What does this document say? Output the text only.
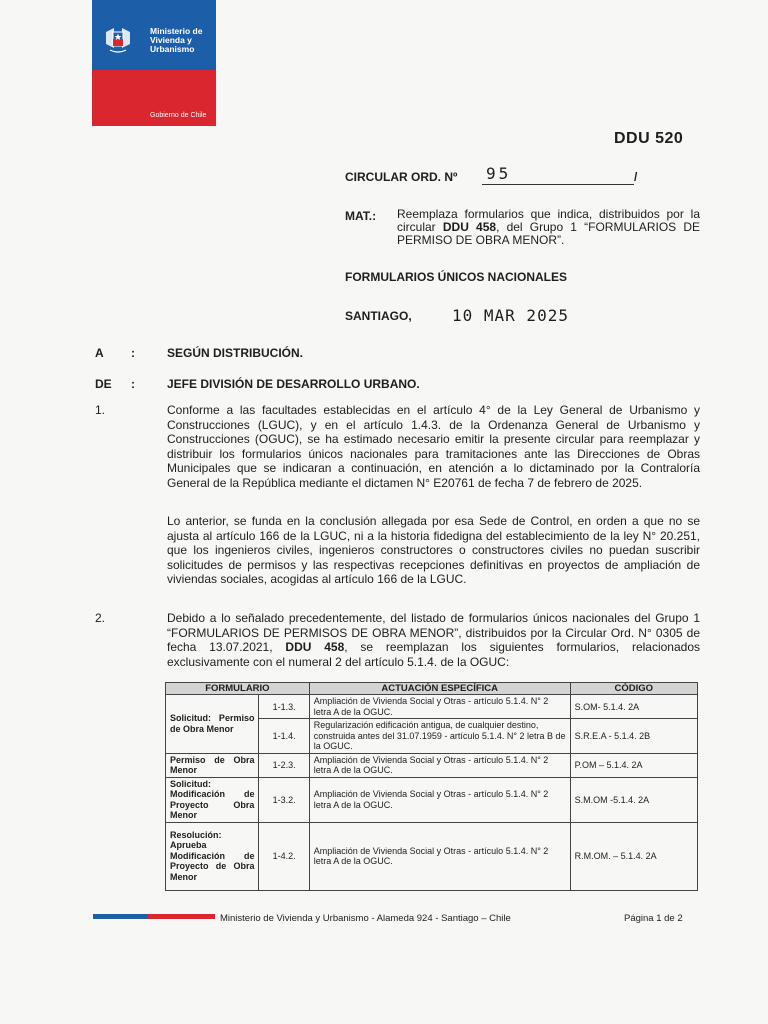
Ministerio de
Vivienda y
Urbanismo
Gobierno de Chile
DDU 520
CIRCULAR ORD. Nº 95	/
MAT.: Reemplaza formularios que indica, distribuidos por la circular DDU 458, del Grupo 1 “FORMULARIOS DE PERMISO DE OBRA MENOR”.
FORMULARIOS ÚNICOS NACIONALES
SANTIAGO,	10 MAR 2025
A :	SEGÚN DISTRIBUCIÓN.
DE :	JEFE DIVISIÓN DE DESARROLLO URBANO.
1.	Conforme a las facultades establecidas en el artículo 4° de la Ley General de Urbanismo y Construcciones (LGUC), y en el artículo 1.4.3. de la Ordenanza General de Urbanismo y Construcciones (OGUC), se ha estimado necesario emitir la presente circular para reemplazar y distribuir los formularios únicos nacionales para tramitaciones ante las Direcciones de Obras Municipales que se indicaran a continuación, en atención a lo dictaminado por la Contraloría General de la República mediante el dictamen N° E20761 de fecha 7 de febrero de 2025.
Lo anterior, se funda en la conclusión allegada por esa Sede de Control, en orden a que no se ajusta al artículo 166 de la LGUC, ni a la historia fidedigna del establecimiento de la ley N° 20.251, que los ingenieros civiles, ingenieros constructores o constructores civiles no puedan suscribir solicitudes de permisos y las respectivas recepciones definitivas en proyectos de ampliación de viviendas sociales, acogidas al artículo 166 de la LGUC.
2.	Debido a lo señalado precedentemente, del listado de formularios únicos nacionales del Grupo 1 “FORMULARIOS DE PERMISOS DE OBRA MENOR”, distribuidos por la Circular Ord. N° 0305 de fecha 13.07.2021, DDU 458, se reemplazan los siguientes formularios, relacionados exclusivamente con el numeral 2 del artículo 5.1.4. de la OGUC:
FORMULARIO		ACTUACIÓN ESPECÍFICA	CÓDIGO
Solicitud: Permiso de Obra Menor	1-1.3.	Ampliación de Vivienda Social y Otras - artículo 5.1.4. N° 2 letra A de la OGUC.	S.OM- 5.1.4. 2A
	1-1.4.	Regularización edificación antigua, de cualquier destino, construida antes del 31.07.1959 - artículo 5.1.4. N° 2 letra B de la OGUC.	S.R.E.A - 5.1.4. 2B
Permiso de Obra Menor	1-2.3.	Ampliación de Vivienda Social y Otras - artículo 5.1.4. N° 2 letra A de la OGUC.	P.OM – 5.1.4. 2A
Solicitud: Modificación de Proyecto Obra Menor	1-3.2.	Ampliación de Vivienda Social y Otras - artículo 5.1.4. N° 2 letra A de la OGUC.	S.M.OM -5.1.4. 2A
Resolución: Aprueba Modificación de Proyecto de Obra Menor	1-4.2.	Ampliación de Vivienda Social y Otras - artículo 5.1.4. N° 2 letra A de la OGUC.	R.M.OM. – 5.1.4. 2A
Ministerio de Vivienda y Urbanismo - Alameda 924 - Santiago – Chile	Página 1 de 2
